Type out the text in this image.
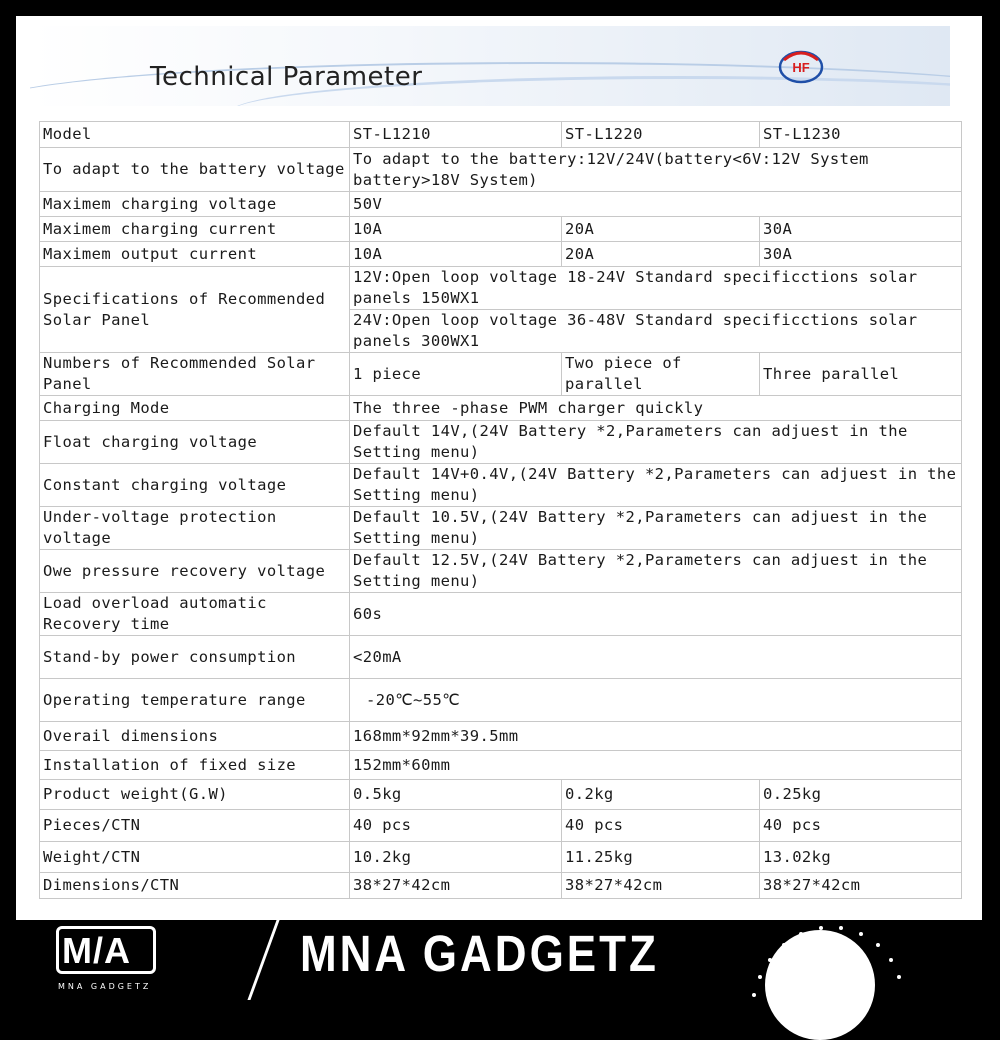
Technical Parameter	HF
Model	ST-L1210	ST-L1220	ST-L1230
To adapt to the battery voltage	To adapt to the battery:12V/24V(battery<6V:12V System battery>18V System)		
Maximem charging voltage	50V		
Maximem charging current	10A	20A	30A
Maximem output current	10A	20A	30A
Specifications of Recommended Solar Panel	12V:Open loop voltage 18-24V Standard specificctions solar panels 150WX1		
	24V:Open loop voltage 36-48V Standard specificctions solar panels 300WX1		
Numbers of Recommended Solar Panel	1 piece	Two piece of parallel	Three parallel
Charging Mode	The three -phase PWM charger quickly		
Float charging voltage	Default 14V,(24V Battery *2,Parameters can adjuest in the Setting menu)		
Constant charging voltage	Default 14V+0.4V,(24V Battery *2,Parameters can adjuest in the Setting menu)		
Under-voltage protection voltage	Default 10.5V,(24V Battery *2,Parameters can adjuest in the Setting menu)		
Owe pressure recovery voltage	Default 12.5V,(24V Battery *2,Parameters can adjuest in the Setting menu)		
Load overload automatic Recovery time	60s		
Stand-by power consumption	<20mA		
Operating temperature range	-20℃~55℃		
Overail dimensions	168mm*92mm*39.5mm		
Installation of fixed size	152mm*60mm		
Product weight(G.W)	0.5kg	0.2kg	0.25kg
Pieces/CTN	40 pcs	40 pcs	40 pcs
Weight/CTN	10.2kg	11.25kg	13.02kg
Dimensions/CTN	38*27*42cm	38*27*42cm	38*27*42cm
M/A
MNA GADGETZ
MNA GADGETZ
